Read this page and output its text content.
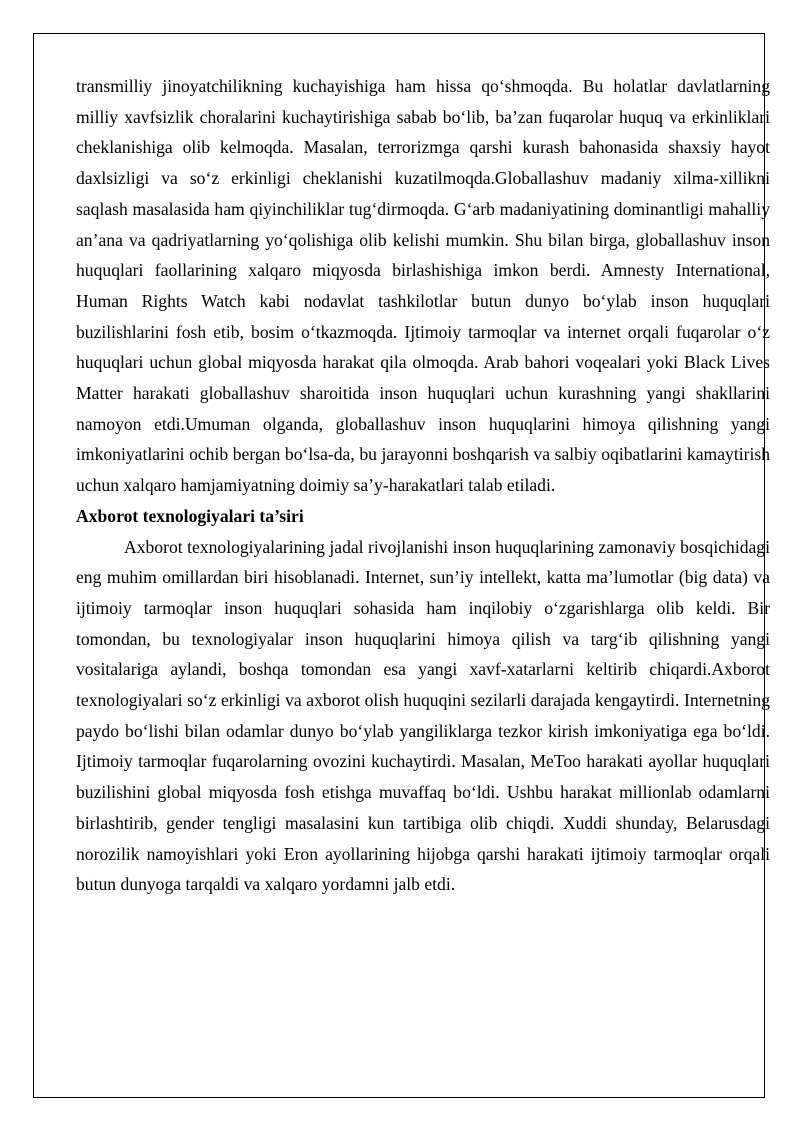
transmilliy jinoyatchilikning kuchayishiga ham hissa qo‘shmoqda. Bu holatlar davlatlarning milliy xavfsizlik choralarini kuchaytirishiga sabab bo‘lib, ba’zan fuqarolar huquq va erkinliklari cheklanishiga olib kelmoqda. Masalan, terrorizmga qarshi kurash bahonasida shaxsiy hayot daxlsizligi va so‘z erkinligi cheklanishi kuzatilmoqda.Globallashuv madaniy xilma-xillikni saqlash masalasida ham qiyinchiliklar tug‘dirmoqda. G‘arb madaniyatining dominantligi mahalliy an’ana va qadriyatlarning yo‘qolishiga olib kelishi mumkin. Shu bilan birga, globallashuv inson huquqlari faollarining xalqaro miqyosda birlashishiga imkon berdi. Amnesty International, Human Rights Watch kabi nodavlat tashkilotlar butun dunyo bo‘ylab inson huquqlari buzilishlarini fosh etib, bosim o‘tkazmoqda. Ijtimoiy tarmoqlar va internet orqali fuqarolar o‘z huquqlari uchun global miqyosda harakat qila olmoqda. Arab bahori voqealari yoki Black Lives Matter harakati globallashuv sharoitida inson huquqlari uchun kurashning yangi shakllarini namoyon etdi.Umuman olganda, globallashuv inson huquqlarini himoya qilishning yangi imkoniyatlarini ochib bergan bo‘lsa-da, bu jarayonni boshqarish va salbiy oqibatlarini kamaytirish uchun xalqaro hamjamiyatning doimiy sa’y-harakatlari talab etiladi.

Axborot texnologiyalari ta’siri

Axborot texnologiyalarining jadal rivojlanishi inson huquqlarining zamonaviy bosqichidagi eng muhim omillardan biri hisoblanadi. Internet, sun’iy intellekt, katta ma’lumotlar (big data) va ijtimoiy tarmoqlar inson huquqlari sohasida ham inqilobiy o‘zgarishlarga olib keldi. Bir tomondan, bu texnologiyalar inson huquqlarini himoya qilish va targ‘ib qilishning yangi vositalariga aylandi, boshqa tomondan esa yangi xavf-xatarlarni keltirib chiqardi.Axborot texnologiyalari so‘z erkinligi va axborot olish huquqini sezilarli darajada kengaytirdi. Internetning paydo bo‘lishi bilan odamlar dunyo bo‘ylab yangiliklarga tezkor kirish imkoniyatiga ega bo‘ldi. Ijtimoiy tarmoqlar fuqarolarning ovozini kuchaytirdi. Masalan, MeToo harakati ayollar huquqlari buzilishini global miqyosda fosh etishga muvaffaq bo‘ldi. Ushbu harakat millionlab odamlarni birlashtirib, gender tengligi masalasini kun tartibiga olib chiqdi. Xuddi shunday, Belarusdagi norozilik namoyishlari yoki Eron ayollarining hijobga qarshi harakati ijtimoiy tarmoqlar orqali butun dunyoga tarqaldi va xalqaro yordamni jalb etdi.
